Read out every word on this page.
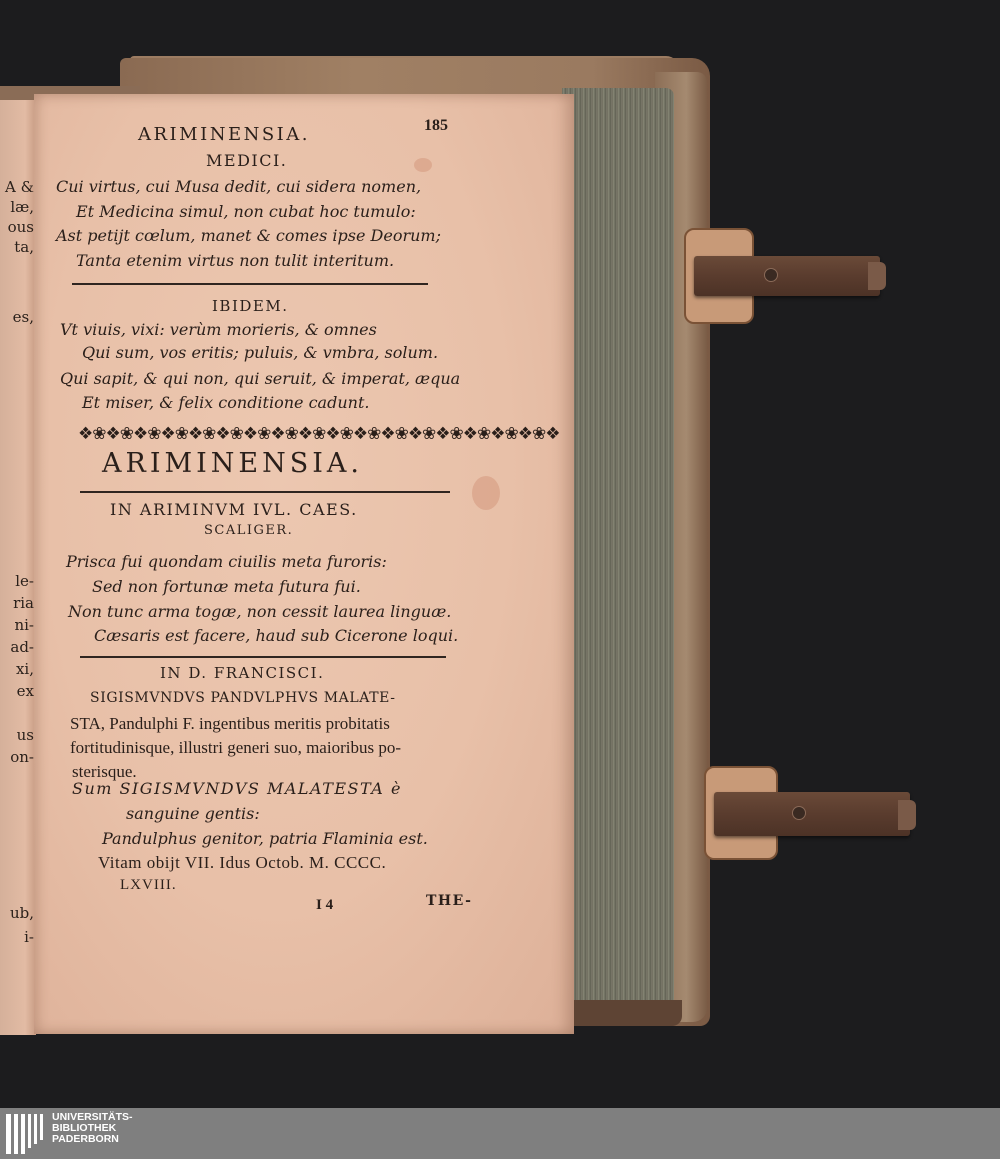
A &
læ,
ous
ta,
es,
le-
ria
ni-
ad-
xi,
ex
us
on-
ub,
i-
ARIMINENSIA.	185
MEDICI.
Cui virtus, cui Musa dedit, cui sidera nomen,
Et Medicina simul, non cubat hoc tumulo:
Ast petijt cœlum, manet & comes ipse Deorum;
Tanta etenim virtus non tulit interitum.
IBIDEM.
Vt viuis, vixi: verùm morieris, & omnes
Qui sum, vos eritis; puluis, & vmbra, solum.
Qui sapit, & qui non, qui seruit, & imperat, æqua
Et miser, & felix conditione cadunt.
❖❀❖❀❖❀❖❀❖❀❖❀❖❀❖❀❖❀❖❀❖❀❖❀❖❀❖❀❖❀❖❀❖❀❖
ARIMINENSIA.
IN ARIMINVM IVL. CAES.
SCALIGER.
Prisca fui quondam ciuilis meta furoris:
Sed non fortunæ meta futura fui.
Non tunc arma togæ, non cessit laurea linguæ.
Cæsaris est facere, haud sub Cicerone loqui.
IN D. FRANCISCI.
SIGISMVNDVS PANDVLPHVS MALATE-
STA, Pandulphi F. ingentibus meritis probitatis
fortitudinisque, illustri generi suo, maioribus po-
sterisque.
Sum SIGISMVNDVS MALATESTA è
sanguine gentis:
Pandulphus genitor, patria Flaminia est.
Vitam obijt VII. Idus Octob. M. CCCC.
LXVIII.
I 4	THE-
UNIVERSITÄTS-
BIBLIOTHEK
PADERBORN
